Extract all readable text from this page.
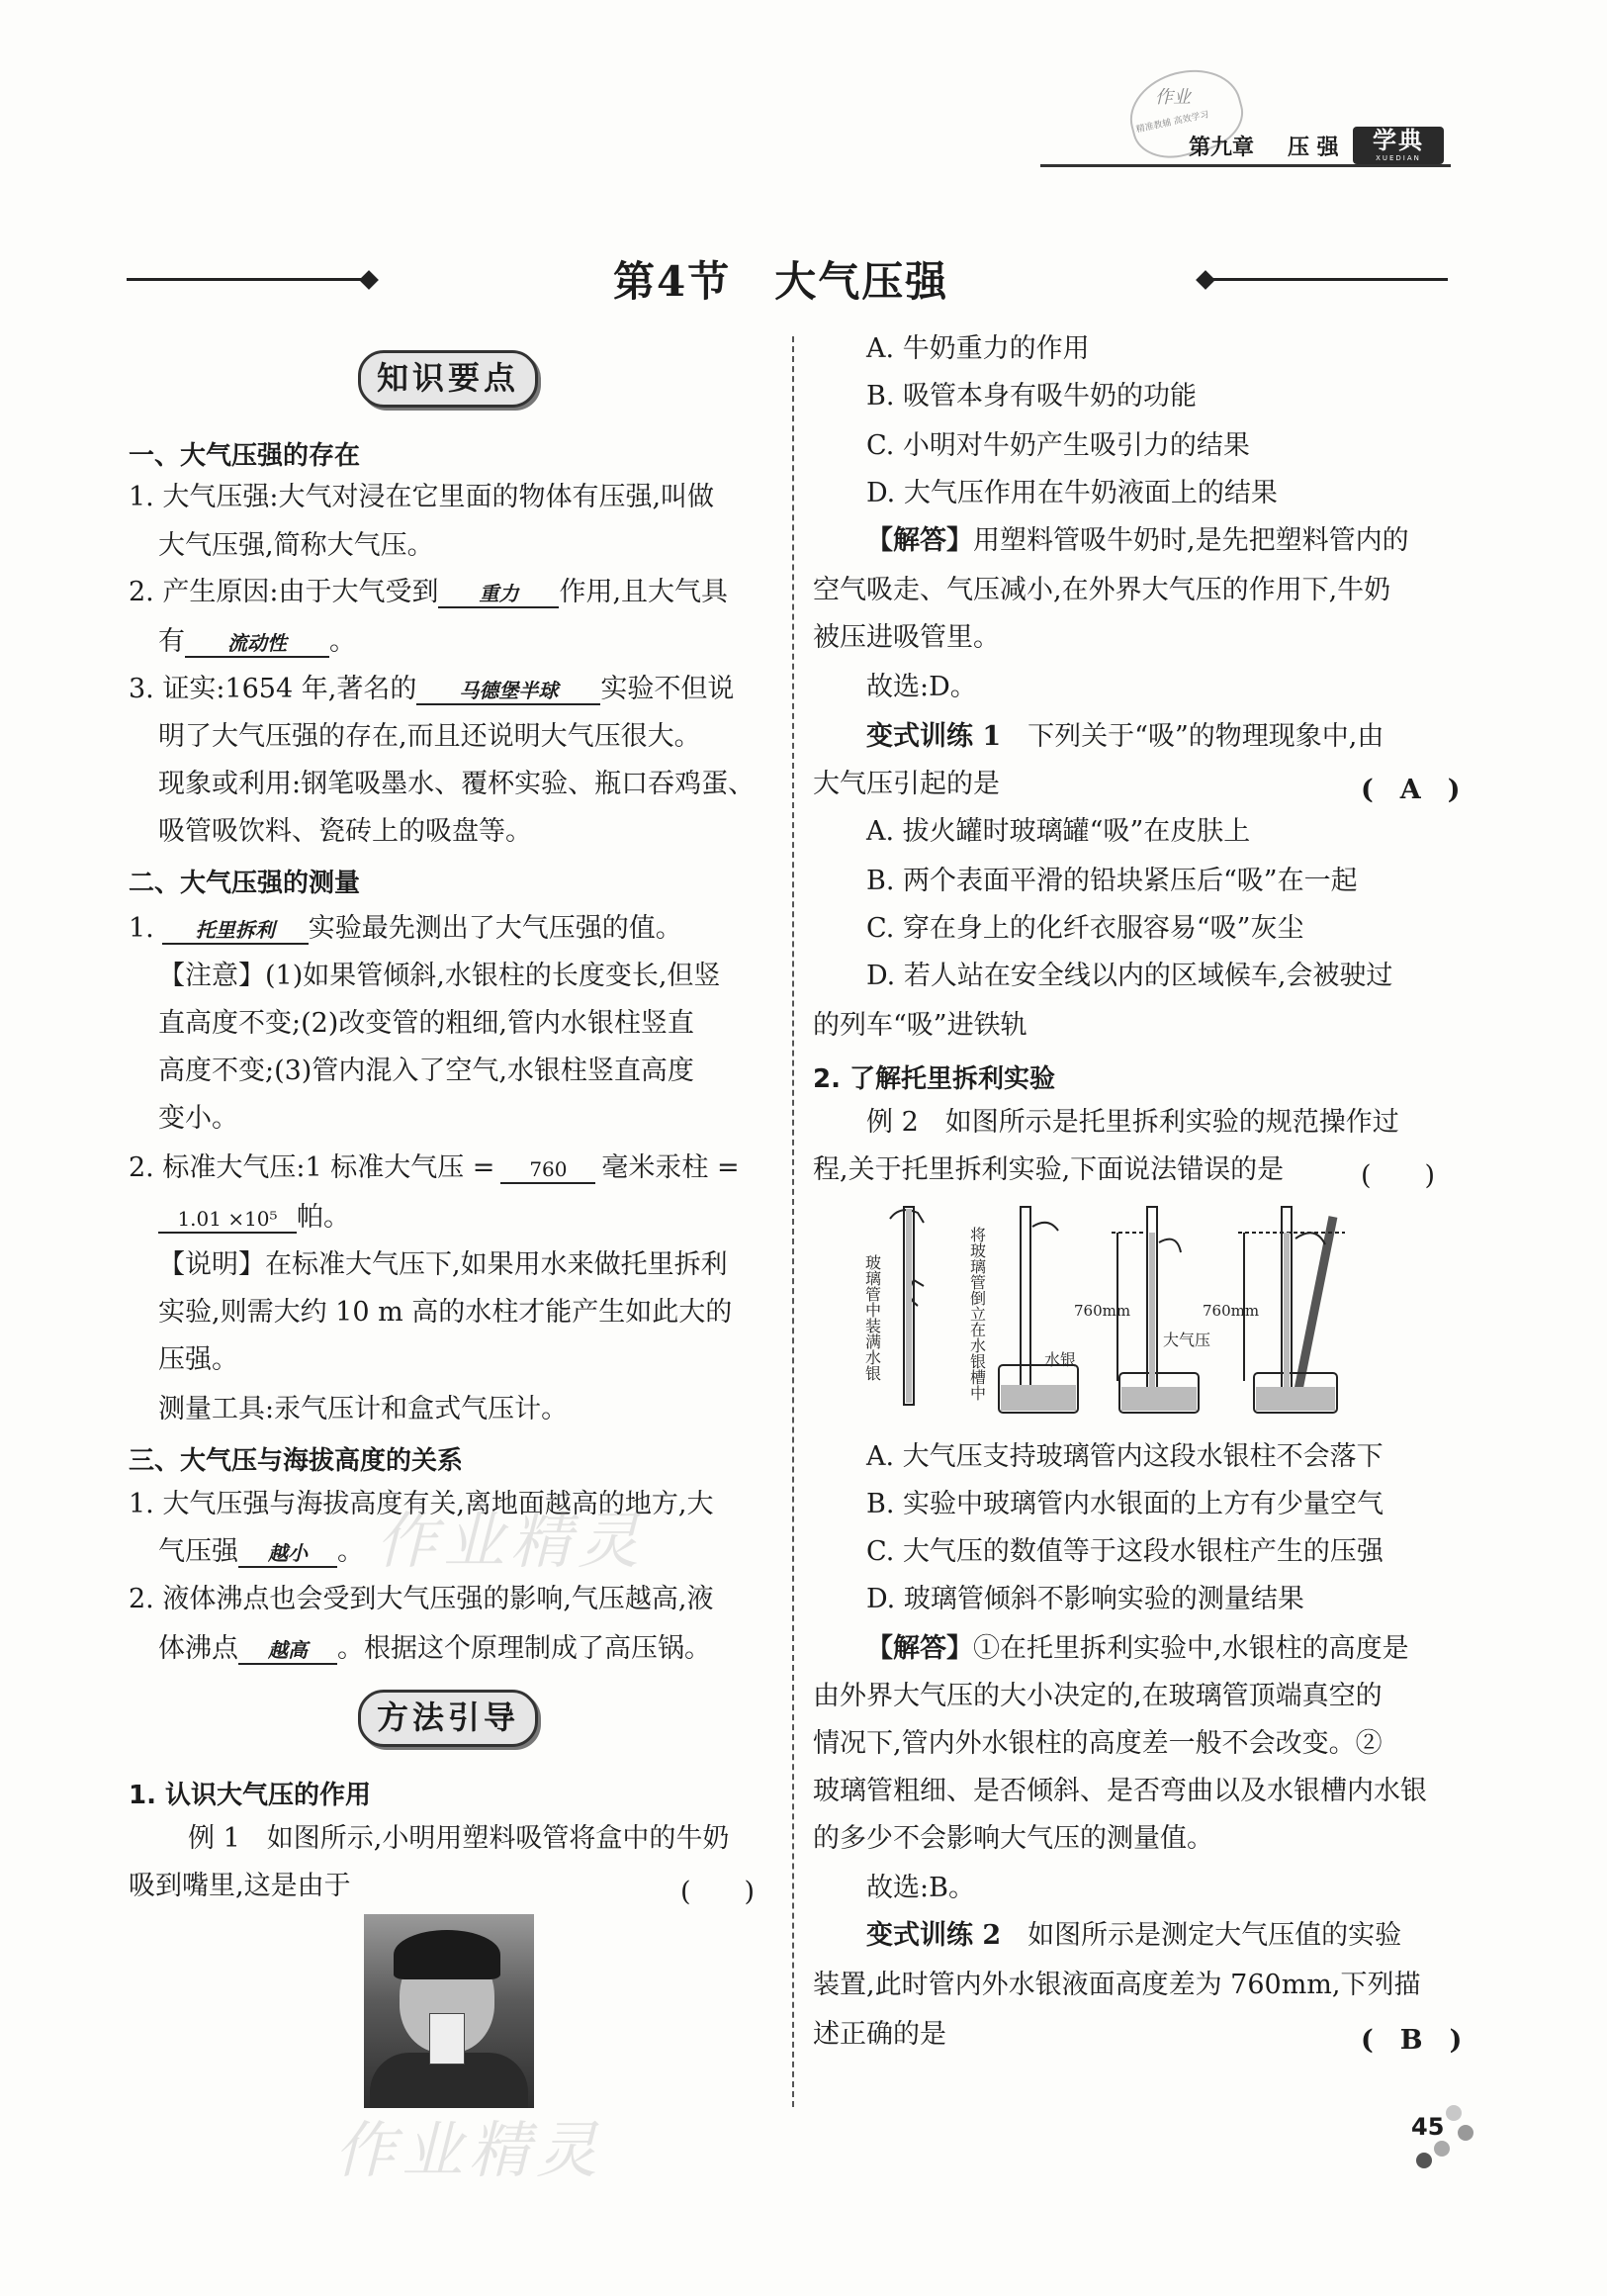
作业
精准教辅 高效学习
第九章 压 强	学典
XUEDIAN
第4节　大气压强
知识要点
一、大气压强的存在
1. 大气压强:大气对浸在它里面的物体有压强,叫做
大气压强,简称大气压。
2. 产生原因:由于大气受到 重力 作用,且大气具
有 流动性 。
3. 证实:1654 年,著名的 马德堡半球 实验不但说
明了大气压强的存在,而且还说明大气压很大。
现象或利用:钢笔吸墨水、覆杯实验、瓶口吞鸡蛋、
吸管吸饮料、瓷砖上的吸盘等。
二、大气压强的测量
1. 托里拆利 实验最先测出了大气压强的值。
【注意】(1)如果管倾斜,水银柱的长度变长,但竖
直高度不变;(2)改变管的粗细,管内水银柱竖直
高度不变;(3)管内混入了空气,水银柱竖直高度
变小。
2. 标准大气压:1 标准大气压 = 760 毫米汞柱 =
1.01 ×10⁵ 帕。
【说明】在标准大气压下,如果用水来做托里拆利
实验,则需大约 10 m 高的水柱才能产生如此大的
压强。
测量工具:汞气压计和盒式气压计。
三、大气压与海拔高度的关系
1. 大气压强与海拔高度有关,离地面越高的地方,大
气压强 越小 。
2. 液体沸点也会受到大气压强的影响,气压越高,液
体沸点 越高 。根据这个原理制成了高压锅。
方法引导
1. 认识大气压的作用
例 1　如图所示,小明用塑料吸管将盒中的牛奶
吸到嘴里,这是由于	(　　)
A. 牛奶重力的作用
B. 吸管本身有吸牛奶的功能
C. 小明对牛奶产生吸引力的结果
D. 大气压作用在牛奶液面上的结果
【解答】用塑料管吸牛奶时,是先把塑料管内的
空气吸走、气压减小,在外界大气压的作用下,牛奶
被压进吸管里。
故选:D。
变式训练 1　下列关于“吸”的物理现象中,由
大气压引起的是	(　A　)
A. 拔火罐时玻璃罐“吸”在皮肤上
B. 两个表面平滑的铅块紧压后“吸”在一起
C. 穿在身上的化纤衣服容易“吸”灰尘
D. 若人站在安全线以内的区域候车,会被驶过
的列车“吸”进铁轨
2. 了解托里拆利实验
例 2　如图所示是托里拆利实验的规范操作过
程,关于托里拆利实验,下面说法错误的是	(　　)
玻璃管中装满水银	将玻璃管倒立在水银槽中	水银
760mm
大气压
760mm
A. 大气压支持玻璃管内这段水银柱不会落下
B. 实验中玻璃管内水银面的上方有少量空气
C. 大气压的数值等于这段水银柱产生的压强
D. 玻璃管倾斜不影响实验的测量结果
【解答】①在托里拆利实验中,水银柱的高度是
由外界大气压的大小决定的,在玻璃管顶端真空的
情况下,管内外水银柱的高度差一般不会改变。②
玻璃管粗细、是否倾斜、是否弯曲以及水银槽内水银
的多少不会影响大气压的测量值。
故选:B。
变式训练 2　如图所示是测定大气压值的实验
装置,此时管内外水银液面高度差为 760mm,下列描
述正确的是	(　B　)
作业精灵
作业精灵	45
